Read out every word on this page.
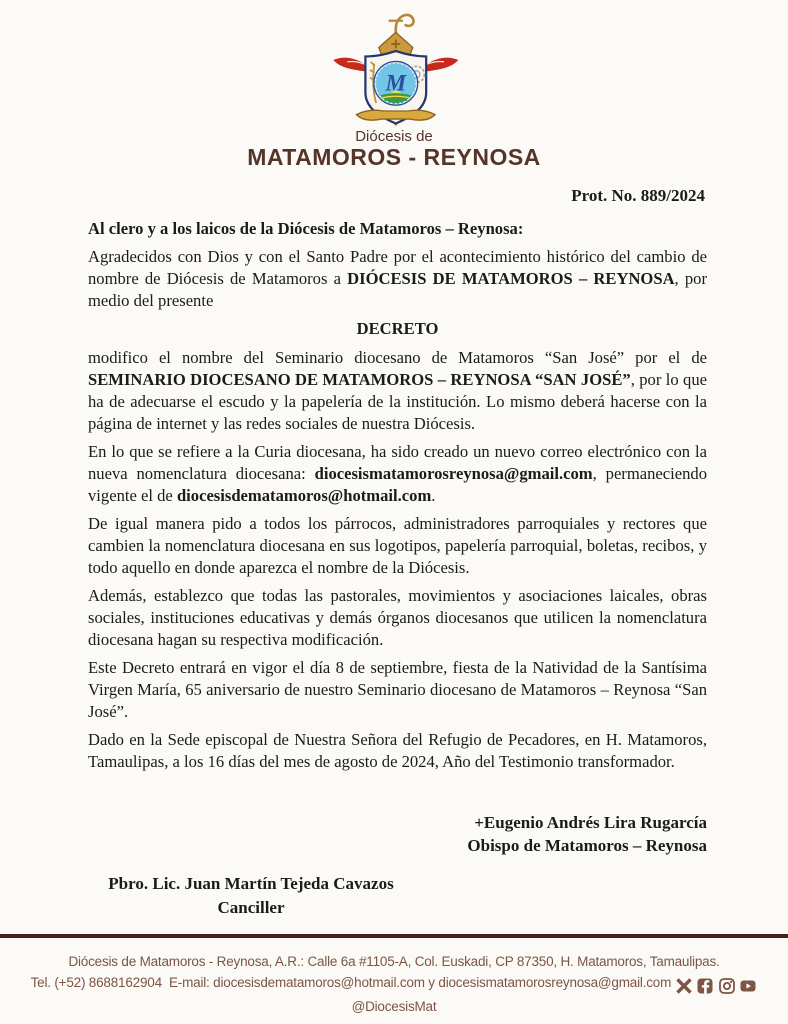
M
Diócesis de
MATAMOROS - REYNOSA
Prot. No. 889/2024

Al clero y a los laicos de la Diócesis de Matamoros – Reynosa:

Agradecidos con Dios y con el Santo Padre por el acontecimiento histórico del cambio de nombre de Diócesis de Matamoros a DIÓCESIS DE MATAMOROS – REYNOSA, por medio del presente

DECRETO

modifico el nombre del Seminario diocesano de Matamoros “San José” por el de SEMINARIO DIOCESANO DE MATAMOROS – REYNOSA “SAN JOSÉ”, por lo que ha de adecuarse el escudo y la papelería de la institución. Lo mismo deberá hacerse con la página de internet y las redes sociales de nuestra Diócesis.

En lo que se refiere a la Curia diocesana, ha sido creado un nuevo correo electrónico con la nueva nomenclatura diocesana: diocesismatamorosreynosa@gmail.com, permaneciendo vigente el de diocesisdematamoros@hotmail.com.

De igual manera pido a todos los párrocos, administradores parroquiales y rectores que cambien la nomenclatura diocesana en sus logotipos, papelería parroquial, boletas, recibos, y todo aquello en donde aparezca el nombre de la Diócesis.

Además, establezco que todas las pastorales, movimientos y asociaciones laicales, obras sociales, instituciones educativas y demás órganos diocesanos que utilicen la nomenclatura diocesana hagan su respectiva modificación.

Este Decreto entrará en vigor el día 8 de septiembre, fiesta de la Natividad de la Santísima Virgen María, 65 aniversario de nuestro Seminario diocesano de Matamoros – Reynosa “San José”.

Dado en la Sede episcopal de Nuestra Señora del Refugio de Pecadores, en H. Matamoros, Tamaulipas, a los 16 días del mes de agosto de 2024, Año del Testimonio transformador.

+Eugenio Andrés Lira Rugarcía
Obispo de Matamoros – Reynosa
Pbro. Lic. Juan Martín Tejeda Cavazos
Canciller
Diócesis de Matamoros - Reynosa, A.R.: Calle 6a #1105-A, Col. Euskadi, CP 87350, H. Matamoros, Tamaulipas.
Tel. (+52) 8688162904 E-mail: diocesisdematamoros@hotmail.com y diocesismatamorosreynosa@gmail.com     @DiocesisMat
